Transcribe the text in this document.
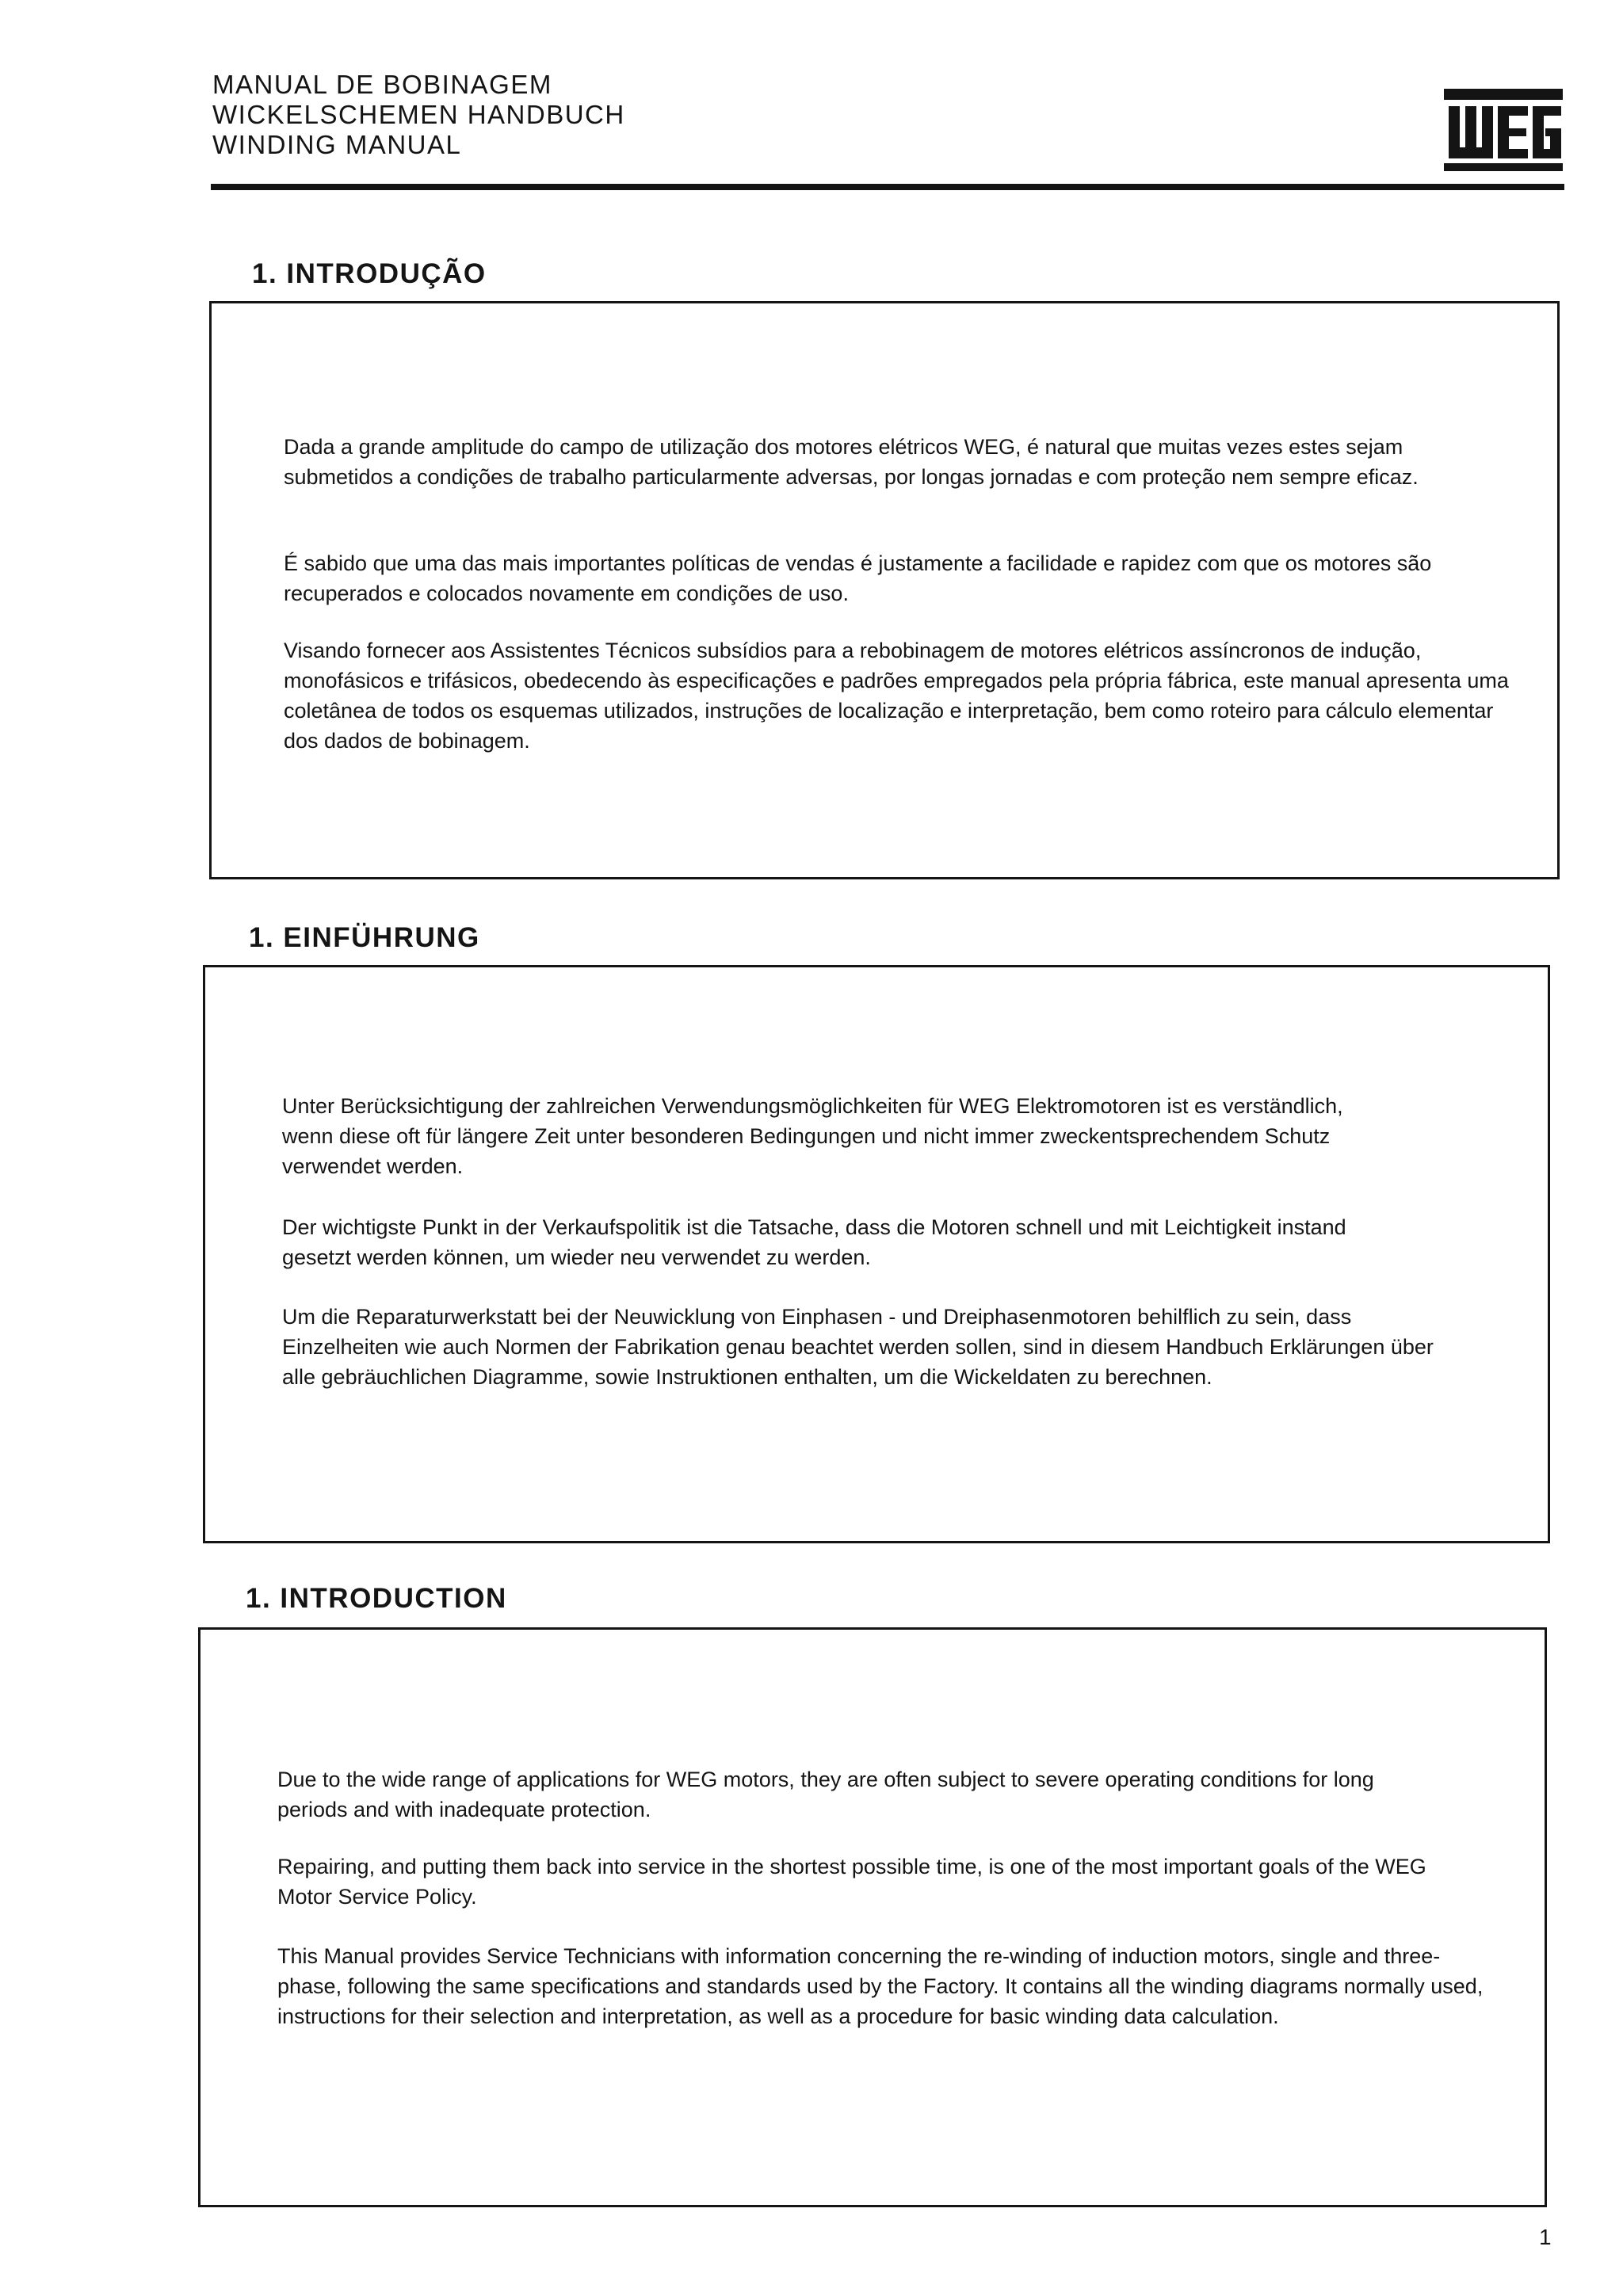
MANUAL DE BOBINAGEM
WICKELSCHEMEN HANDBUCH
WINDING MANUAL
1. INTRODUÇÃO
Dada a grande amplitude do campo de utilização dos motores elétricos WEG, é natural que muitas vezes estes sejam submetidos a condições de trabalho particularmente adversas, por longas jornadas e com proteção nem sempre eficaz.
É sabido que uma das mais importantes políticas de vendas é justamente a facilidade e rapidez com que os motores são recuperados e colocados novamente em condições de uso.
Visando fornecer aos Assistentes Técnicos subsídios para a rebobinagem de motores elétricos assíncronos de indução, monofásicos e trifásicos, obedecendo às especificações e padrões empregados pela própria fábrica, este manual apresenta uma coletânea de todos os esquemas utilizados, instruções de localização e interpretação, bem como roteiro para cálculo elementar dos dados de bobinagem.
1. EINFÜHRUNG
Unter Berücksichtigung der zahlreichen Verwendungsmöglichkeiten für WEG Elektromotoren ist es verständlich, wenn diese oft für längere Zeit unter besonderen Bedingungen und nicht immer zweckentsprechendem Schutz verwendet werden.
Der wichtigste Punkt in der Verkaufspolitik ist die Tatsache, dass die Motoren schnell und mit Leichtigkeit instand gesetzt werden können, um wieder neu verwendet zu werden.
Um die Reparaturwerkstatt bei der Neuwicklung von Einphasen - und Dreiphasenmotoren behilflich zu sein, dass Einzelheiten wie auch Normen der Fabrikation genau beachtet werden sollen, sind in diesem Handbuch Erklärungen über alle gebräuchlichen Diagramme, sowie Instruktionen enthalten, um die Wickeldaten zu berechnen.
1. INTRODUCTION
Due to the wide range of applications for WEG motors, they are often subject to severe operating conditions for long periods and with inadequate protection.
Repairing, and putting them back into service in the shortest possible time, is one of the most important goals of the WEG Motor Service Policy.
This Manual provides Service Technicians with information concerning the re-winding of induction motors, single and three-phase, following the same specifications and standards used by the Factory. It contains all the winding diagrams normally used, instructions for their selection and interpretation, as well as a procedure for basic winding data calculation.
1
